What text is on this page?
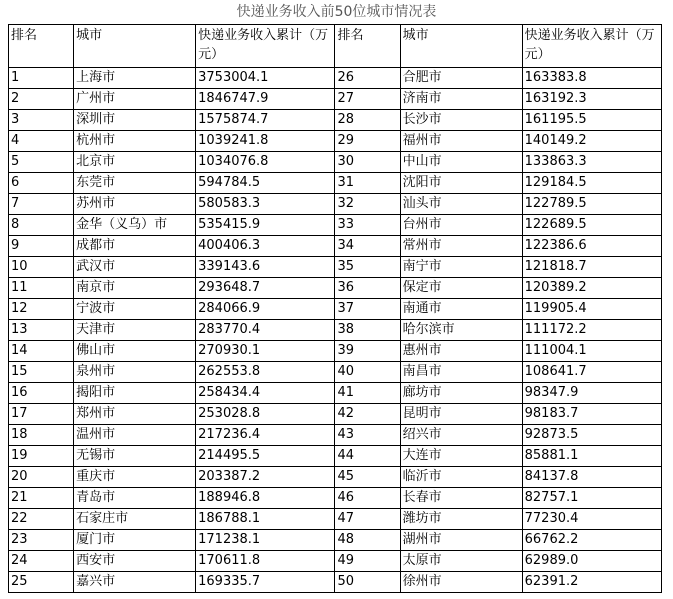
快递业务收入前50位城市情况表
排名	城市	快递业务收入累计（万元）	排名	城市	快递业务收入累计（万元）
1	上海市	3753004.1	26	合肥市	163383.8
2	广州市	1846747.9	27	济南市	163192.3
3	深圳市	1575874.7	28	长沙市	161195.5
4	杭州市	1039241.8	29	福州市	140149.2
5	北京市	1034076.8	30	中山市	133863.3
6	东莞市	594784.5	31	沈阳市	129184.5
7	苏州市	580583.3	32	汕头市	122789.5
8	金华（义乌）市	535415.9	33	台州市	122689.5
9	成都市	400406.3	34	常州市	122386.6
10	武汉市	339143.6	35	南宁市	121818.7
11	南京市	293648.7	36	保定市	120389.2
12	宁波市	284066.9	37	南通市	119905.4
13	天津市	283770.4	38	哈尔滨市	111172.2
14	佛山市	270930.1	39	惠州市	111004.1
15	泉州市	262553.8	40	南昌市	108641.7
16	揭阳市	258434.4	41	廊坊市	98347.9
17	郑州市	253028.8	42	昆明市	98183.7
18	温州市	217236.4	43	绍兴市	92873.5
19	无锡市	214495.5	44	大连市	85881.1
20	重庆市	203387.2	45	临沂市	84137.8
21	青岛市	188946.8	46	长春市	82757.1
22	石家庄市	186788.1	47	潍坊市	77230.4
23	厦门市	171238.1	48	湖州市	66762.2
24	西安市	170611.8	49	太原市	62989.0
25	嘉兴市	169335.7	50	徐州市	62391.2
